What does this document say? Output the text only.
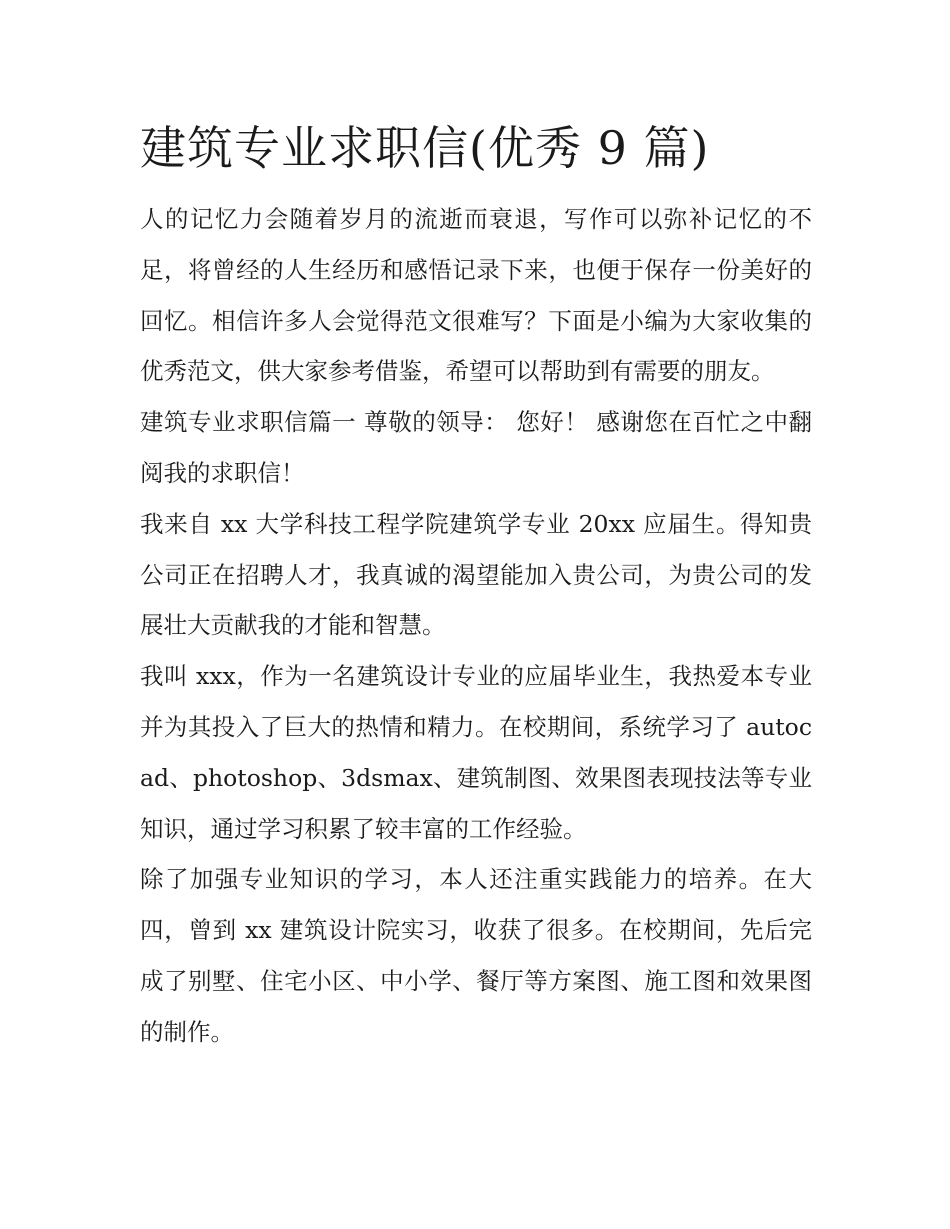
建筑专业求职信(优秀 9 篇)

人的记忆力会随着岁月的流逝而衰退，写作可以弥补记忆的不足，将曾经的人生经历和感悟记录下来，也便于保存一份美好的回忆。相信许多人会觉得范文很难写？下面是小编为大家收集的优秀范文，供大家参考借鉴，希望可以帮助到有需要的朋友。

建筑专业求职信篇一 尊敬的领导： 您好！ 感谢您在百忙之中翻阅我的求职信！

我来自 xx 大学科技工程学院建筑学专业 20xx 应届生。得知贵公司正在招聘人才，我真诚的渴望能加入贵公司，为贵公司的发展壮大贡献我的才能和智慧。

我叫 xxx，作为一名建筑设计专业的应届毕业生，我热爱本专业并为其投入了巨大的热情和精力。在校期间，系统学习了 autocad、photoshop、3dsmax、建筑制图、效果图表现技法等专业知识，通过学习积累了较丰富的工作经验。

除了加强专业知识的学习，本人还注重实践能力的培养。在大四，曾到 xx 建筑设计院实习，收获了很多。在校期间，先后完成了别墅、住宅小区、中小学、餐厅等方案图、施工图和效果图的制作。
